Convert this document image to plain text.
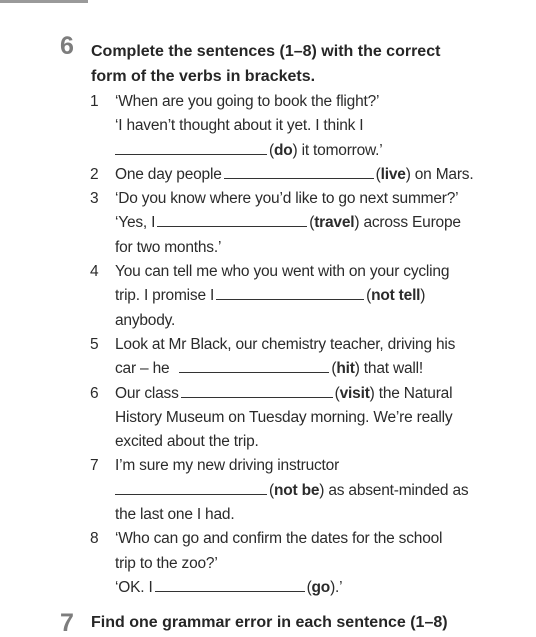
6 Complete the sentences (1–8) with the correct
form of the verbs in brackets.
1 ‘When are you going to book the flight?’
‘I haven’t thought about it yet. I think I
(do) it tomorrow.’
2 One day people	(live) on Mars.
3 ‘Do you know where you’d like to go next summer?’
‘Yes, I	(travel) across Europe
for two months.’
4 You can tell me who you went with on your cycling
trip. I promise I	(not tell)
anybody.
5 Look at Mr Black, our chemistry teacher, driving his
car – he	(hit) that wall!
6 Our class	(visit) the Natural
History Museum on Tuesday morning. We’re really
excited about the trip.
7 I’m sure my new driving instructor
(not be) as absent-minded as
the last one I had.
8 ‘Who can go and confirm the dates for the school
trip to the zoo?’
‘OK. I	(go).’
7 Find one grammar error in each sentence (1–8)
